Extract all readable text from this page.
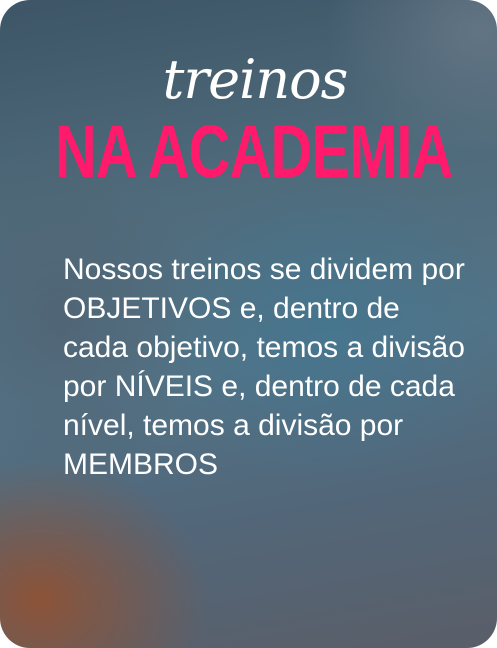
treinos
NA ACADEMIA

Nossos treinos se dividem por OBJETIVOS e, dentro de cada objetivo, temos a divisão por NÍVEIS e, dentro de cada nível, temos a divisão por MEMBROS
